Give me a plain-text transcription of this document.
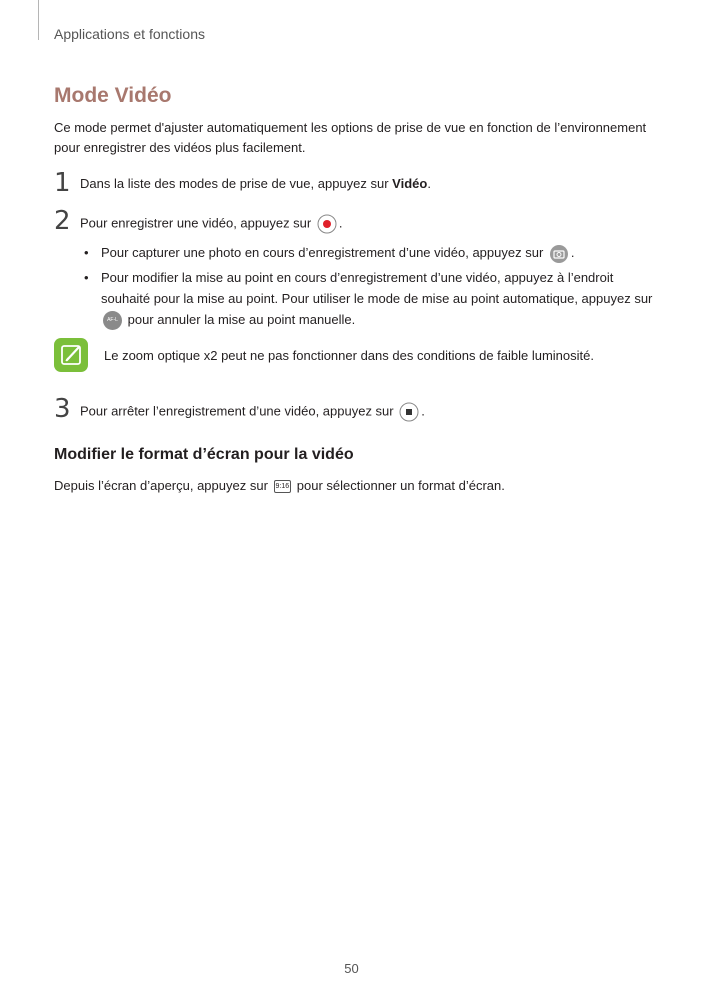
Applications et fonctions
Mode Vidéo
Ce mode permet d'ajuster automatiquement les options de prise de vue en fonction de l’environnement pour enregistrer des vidéos plus facilement.
1 Dans la liste des modes de prise de vue, appuyez sur Vidéo.
2 Pour enregistrer une vidéo, appuyez sur .
• Pour capturer une photo en cours d’enregistrement d’une vidéo, appuyez sur .
• Pour modifier la mise au point en cours d’enregistrement d’une vidéo, appuyez à l’endroit souhaité pour la mise au point. Pour utiliser le mode de mise au point automatique, appuyez sur AF-L pour annuler la mise au point manuelle.
Le zoom optique x2 peut ne pas fonctionner dans des conditions de faible luminosité.
3 Pour arrêter l’enregistrement d’une vidéo, appuyez sur .
Modifier le format d’écran pour la vidéo
Depuis l’écran d’aperçu, appuyez sur 9:16 pour sélectionner un format d’écran.
50
